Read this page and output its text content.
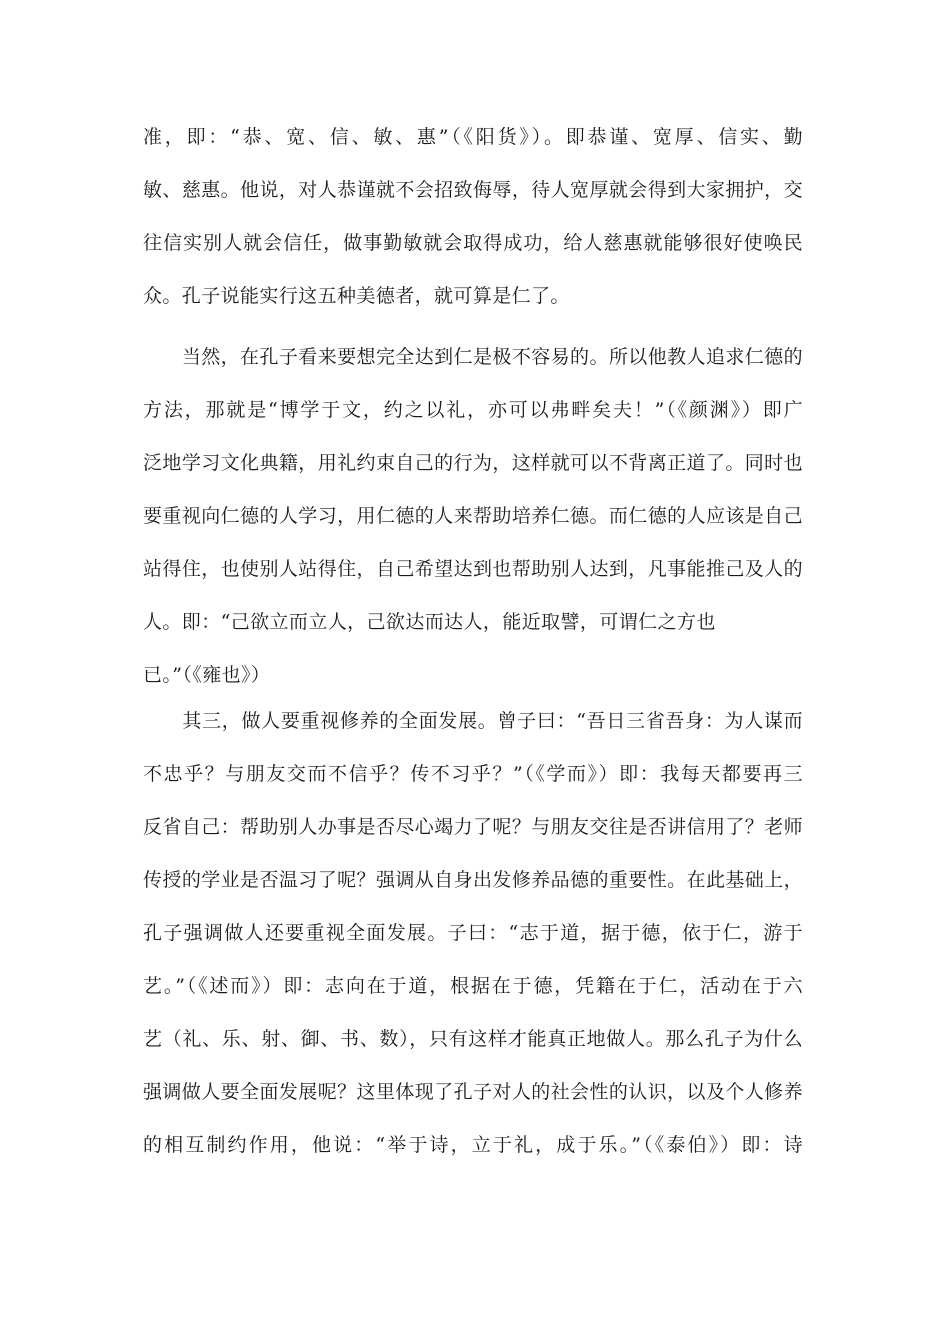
准，即：“恭、宽、信、敏、惠”（《阳货》）。即恭谨、宽厚、信实、勤
敏、慈惠。他说，对人恭谨就不会招致侮辱，待人宽厚就会得到大家拥护，交
往信实别人就会信任，做事勤敏就会取得成功，给人慈惠就能够很好使唤民
众。孔子说能实行这五种美德者，就可算是仁了。
　　当然，在孔子看来要想完全达到仁是极不容易的。所以他教人追求仁德的
方法，那就是“博学于文，约之以礼，亦可以弗畔矣夫！”（《颜渊》）即广
泛地学习文化典籍，用礼约束自己的行为，这样就可以不背离正道了。同时也
要重视向仁德的人学习，用仁德的人来帮助培养仁德。而仁德的人应该是自己
站得住，也使别人站得住，自己希望达到也帮助别人达到，凡事能推己及人的
人。即：“己欲立而立人，己欲达而达人，能近取譬，可谓仁之方也
已。”（《雍也》）
　　其三，做人要重视修养的全面发展。曾子曰：“吾日三省吾身：为人谋而
不忠乎？与朋友交而不信乎？传不习乎？”（《学而》）即：我每天都要再三
反省自己：帮助别人办事是否尽心竭力了呢？与朋友交往是否讲信用了？老师
传授的学业是否温习了呢？强调从自身出发修养品德的重要性。在此基础上，
孔子强调做人还要重视全面发展。子曰：“志于道，据于德，依于仁，游于
艺。”（《述而》）即：志向在于道，根据在于德，凭籍在于仁，活动在于六
艺（礼、乐、射、御、书、数），只有这样才能真正地做人。那么孔子为什么
强调做人要全面发展呢？这里体现了孔子对人的社会性的认识，以及个人修养
的相互制约作用，他说：“举于诗，立于礼，成于乐。”（《泰伯》）即：诗
